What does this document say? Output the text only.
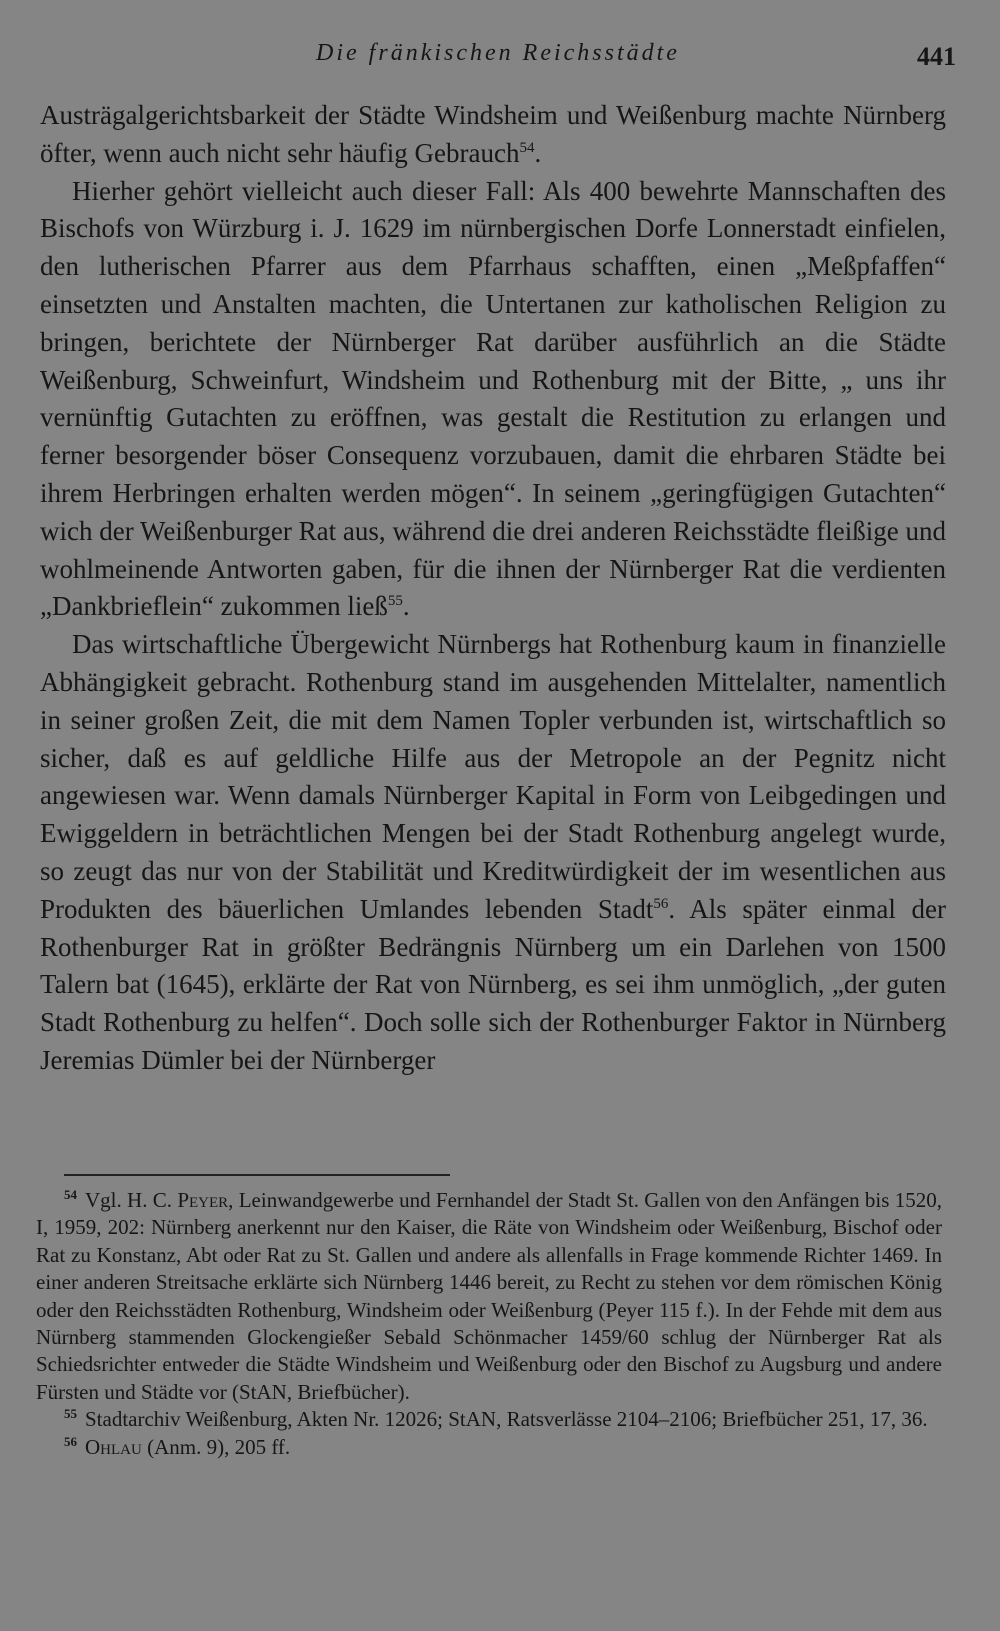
Die fränkischen Reichsstädte	441

Austrägalgerichtsbarkeit der Städte Windsheim und Weißenburg machte Nürnberg öfter, wenn auch nicht sehr häufig Gebrauch$^{54}$.

Hierher gehört vielleicht auch dieser Fall: Als 400 bewehrte Mannschaften des Bischofs von Würzburg i. J. 1629 im nürnbergischen Dorfe Lonnerstadt einfielen, den lutherischen Pfarrer aus dem Pfarrhaus schafften, einen „Meßpfaffen“ einsetzten und Anstalten machten, die Untertanen zur katholischen Religion zu bringen, berichtete der Nürnberger Rat darüber ausführlich an die Städte Weißenburg, Schweinfurt, Windsheim und Rothenburg mit der Bitte, „ uns ihr vernünftig Gutachten zu eröffnen, was gestalt die Restitution zu erlangen und ferner besorgender böser Consequenz vorzubauen, damit die ehrbaren Städte bei ihrem Herbringen erhalten werden mögen“. In seinem „geringfügigen Gutachten“ wich der Weißenburger Rat aus, während die drei anderen Reichsstädte fleißige und wohlmeinende Antworten gaben, für die ihnen der Nürnberger Rat die verdienten „Dankbrieflein“ zukommen ließ$^{55}$.

Das wirtschaftliche Übergewicht Nürnbergs hat Rothenburg kaum in finanzielle Abhängigkeit gebracht. Rothenburg stand im ausgehenden Mittelalter, namentlich in seiner großen Zeit, die mit dem Namen Topler verbunden ist, wirtschaftlich so sicher, daß es auf geldliche Hilfe aus der Metropole an der Pegnitz nicht angewiesen war. Wenn damals Nürnberger Kapital in Form von Leibgedingen und Ewiggeldern in beträchtlichen Mengen bei der Stadt Rothenburg angelegt wurde, so zeugt das nur von der Stabilität und Kreditwürdigkeit der im wesentlichen aus Produkten des bäuerlichen Umlandes lebenden Stadt$^{56}$. Als später einmal der Rothenburger Rat in größter Bedrängnis Nürnberg um ein Darlehen von 1500 Talern bat (1645), erklärte der Rat von Nürnberg, es sei ihm unmöglich, „der guten Stadt Rothenburg zu helfen“. Doch solle sich der Rothenburger Faktor in Nürnberg Jeremias Dümler bei der Nürnberger

$^{54}$ Vgl. H. C. Peyer, Leinwandgewerbe und Fernhandel der Stadt St. Gallen von den Anfängen bis 1520, I, 1959, 202: Nürnberg anerkennt nur den Kaiser, die Räte von Windsheim oder Weißenburg, Bischof oder Rat zu Konstanz, Abt oder Rat zu St. Gallen und andere als allenfalls in Frage kommende Richter 1469. In einer anderen Streitsache erklärte sich Nürnberg 1446 bereit, zu Recht zu stehen vor dem römischen König oder den Reichsstädten Rothenburg, Windsheim oder Weißenburg (Peyer 115 f.). In der Fehde mit dem aus Nürnberg stammenden Glockengießer Sebald Schönmacher 1459/60 schlug der Nürnberger Rat als Schiedsrichter entweder die Städte Windsheim und Weißenburg oder den Bischof zu Augsburg und andere Fürsten und Städte vor (StAN, Briefbücher).

$^{55}$ Stadtarchiv Weißenburg, Akten Nr. 12026; StAN, Ratsverlässe 2104–2106; Briefbücher 251, 17, 36.

$^{56}$ Ohlau (Anm. 9), 205 ff.
